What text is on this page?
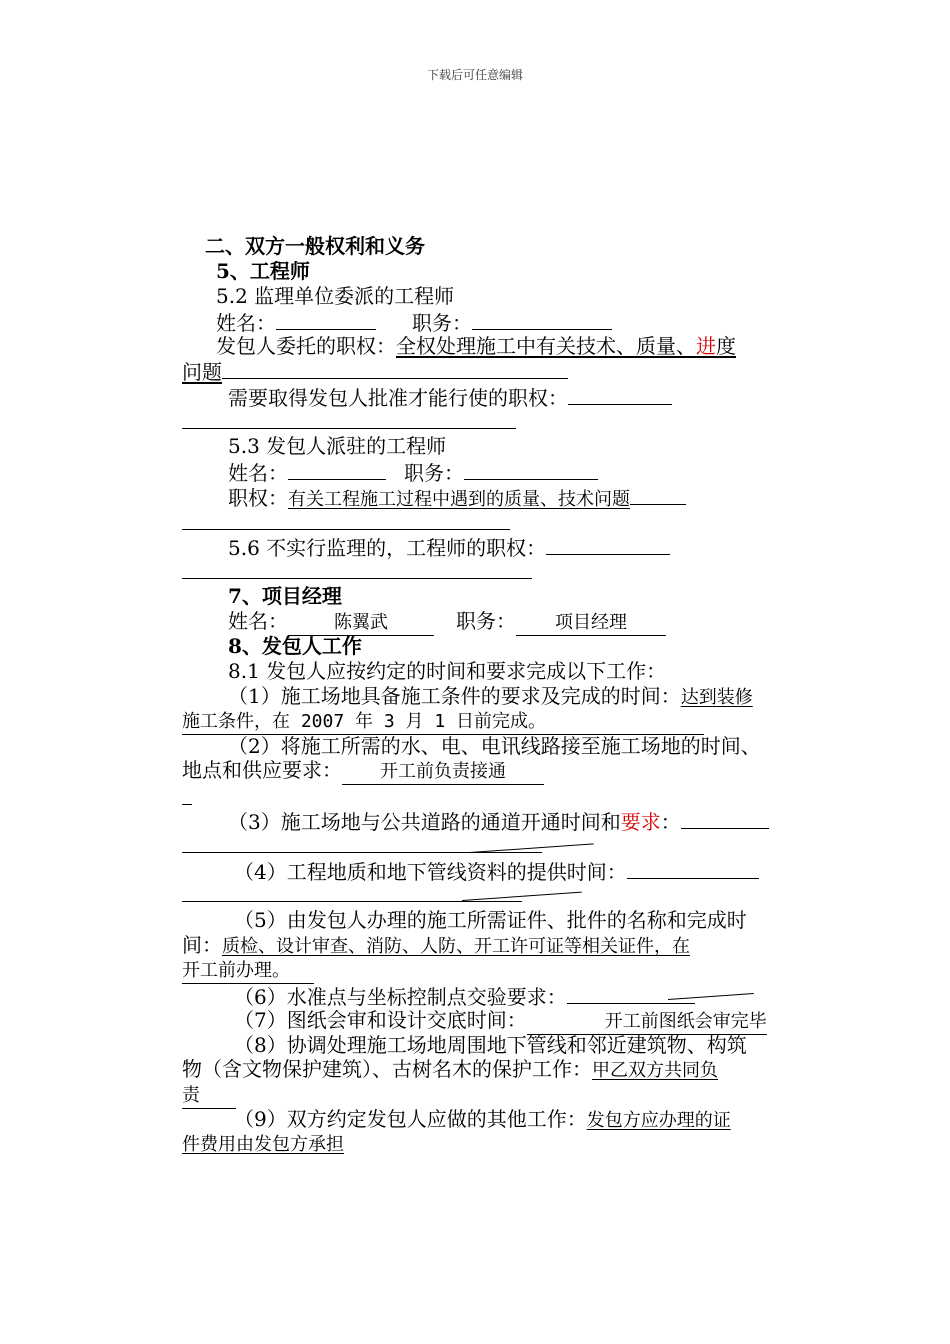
下载后可任意编辑
二、双方一般权利和义务
5、工程师
5.2 监理单位委派的工程师
姓名：	职务：
发包人委托的职权：全权处理施工中有关技术、质量、进度
问题
需要取得发包人批准才能行使的职权：
5.3 发包人派驻的工程师
姓名：	职务：
职权：有关工程施工过程中遇到的质量、技术问题
5.6 不实行监理的，工程师的职权：
7、项目经理
姓名：	陈翼武	职务： 项目经理
8、发包人工作
8.1 发包人应按约定的时间和要求完成以下工作：
（1）施工场地具备施工条件的要求及完成的时间：达到装修
施工条件，在 2007 年 3 月 1 日前完成。
（2）将施工所需的水、电、电讯线路接至施工场地的时间、
地点和供应要求： 开工前负责接通
（3）施工场地与公共道路的通道开通时间和要求：
（4）工程地质和地下管线资料的提供时间：
（5）由发包人办理的施工所需证件、批件的名称和完成时
间：质检、设计审查、消防、人防、开工许可证等相关证件，在
开工前办理。
（6）水准点与坐标控制点交验要求：
（7）图纸会审和设计交底时间：	开工前图纸会审完毕
（8）协调处理施工场地周围地下管线和邻近建筑物、构筑
物（含文物保护建筑）、古树名木的保护工作：甲乙双方共同负
责
（9）双方约定发包人应做的其他工作：发包方应办理的证
件费用由发包方承担
